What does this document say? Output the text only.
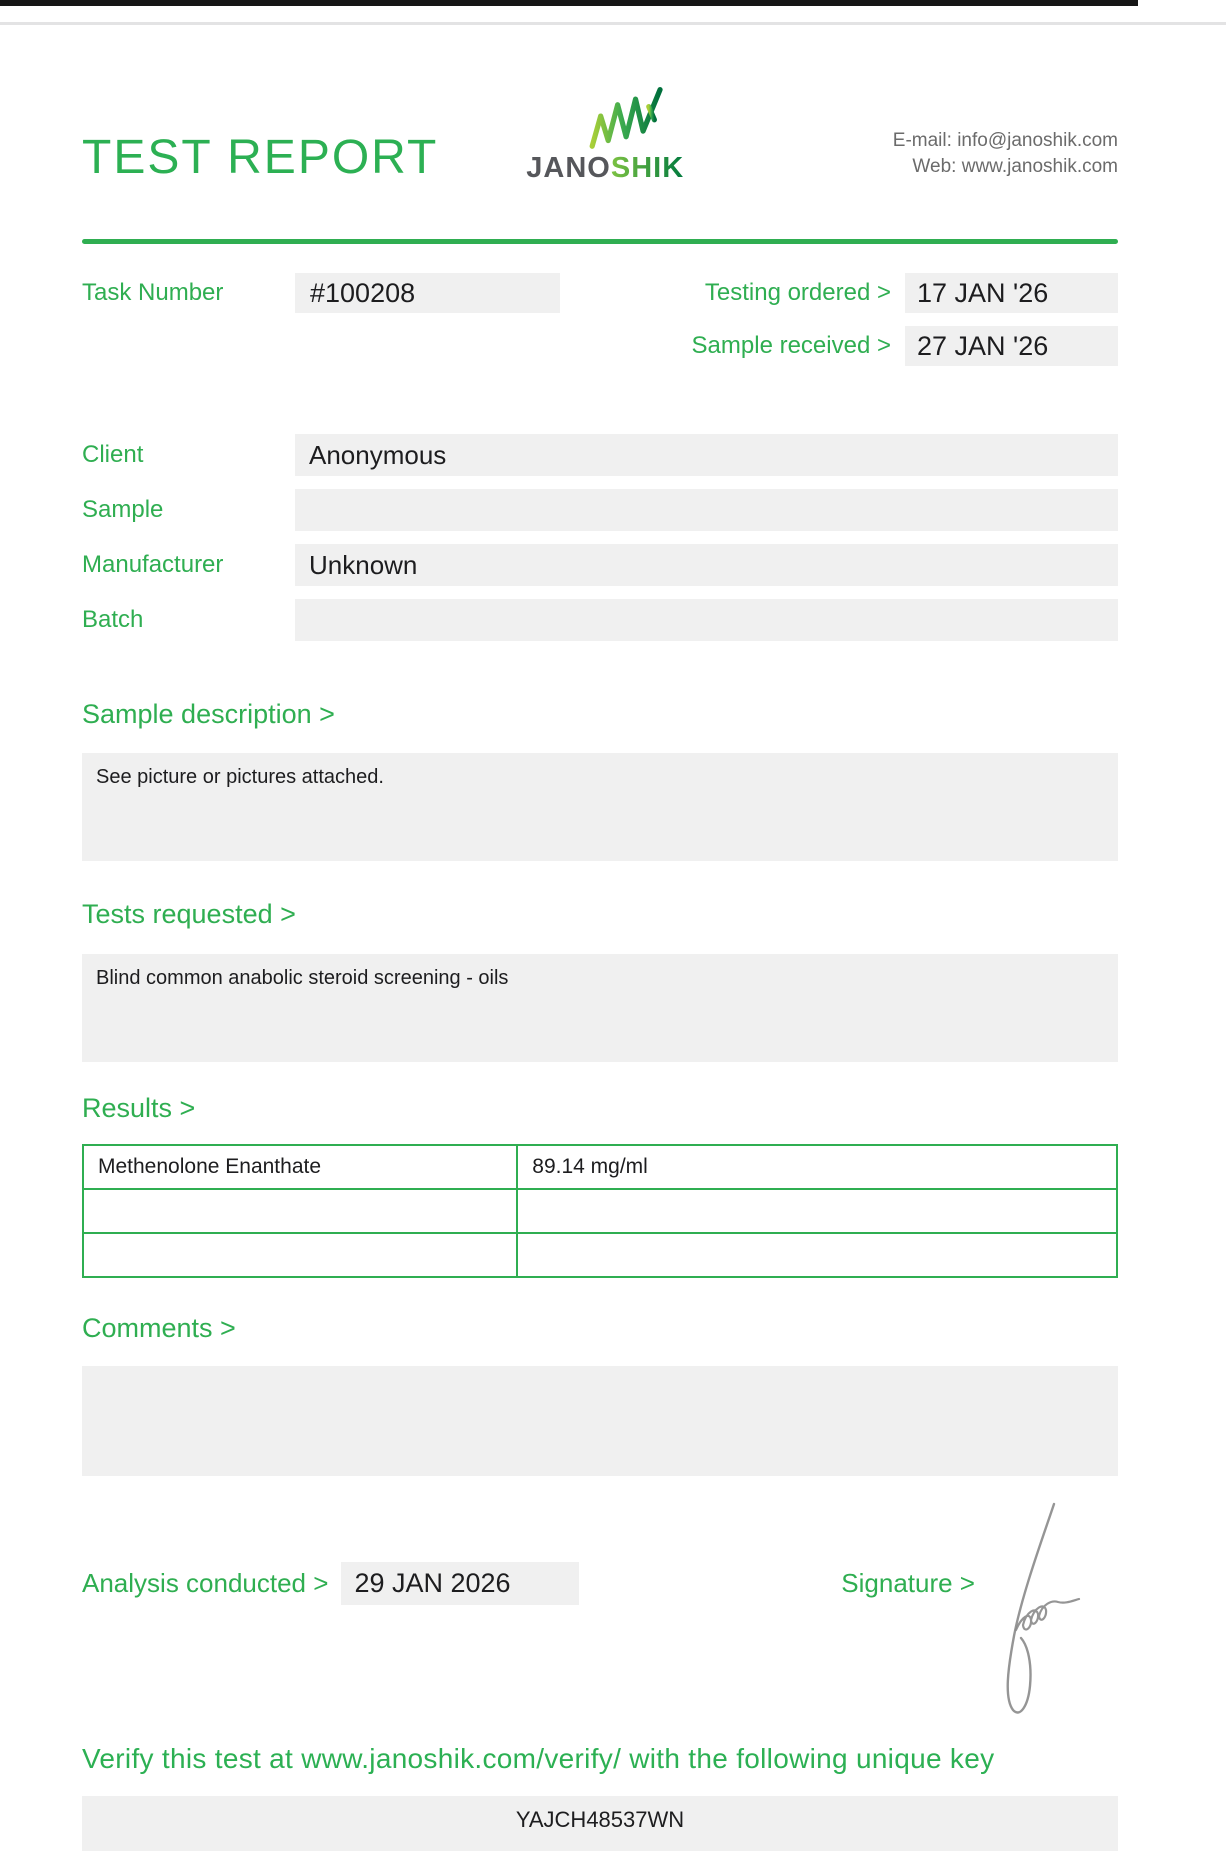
TEST REPORT	JANOSHIK
E-mail: info@janoshik.com
Web: www.janoshik.com
Task Number	#100208	Testing ordered > 17 JAN '26
Sample received > 27 JAN '26
Client	Anonymous
Sample
Manufacturer	Unknown
Batch
Sample description >
See picture or pictures attached.
Tests requested >
Blind common anabolic steroid screening - oils
Results >
Methenolone Enanthate	89.14 mg/ml

Comments >
Analysis conducted > 29 JAN 2026	Signature >
Verify this test at www.janoshik.com/verify/ with the following unique key
YAJCH48537WN
